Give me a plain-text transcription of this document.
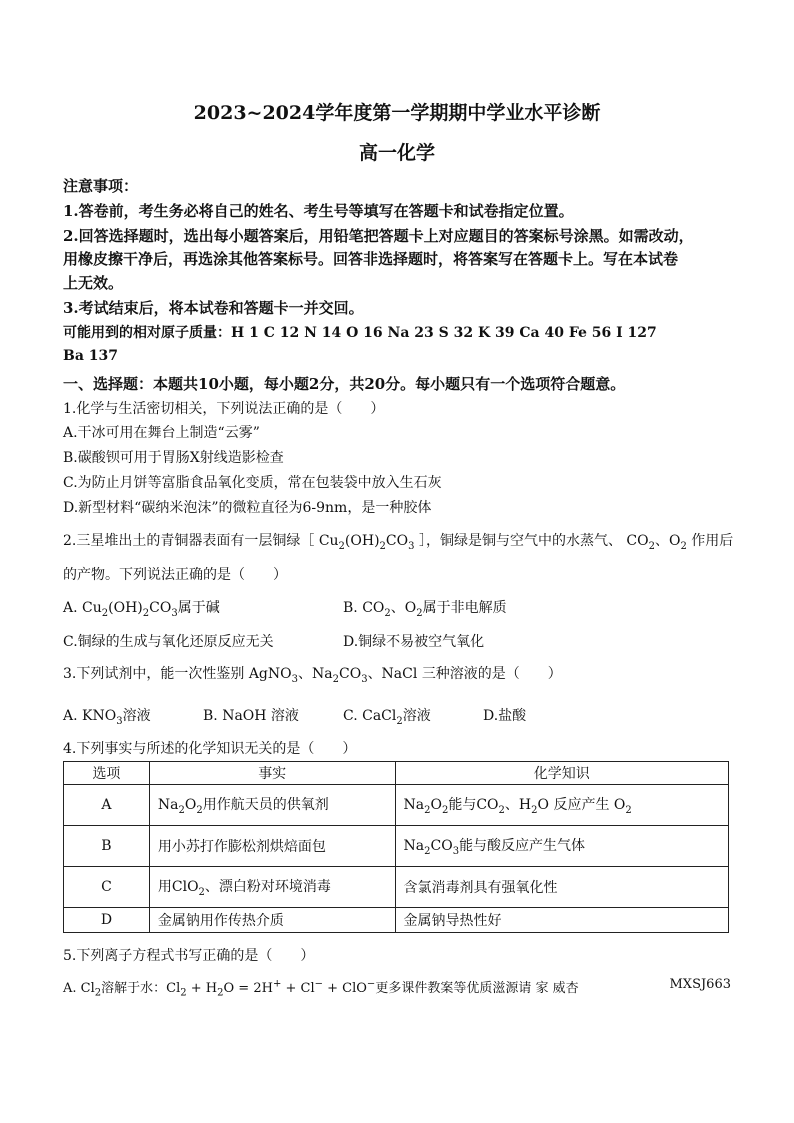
2023~2024学年度第一学期期中学业水平诊断
高一化学
注意事项：
1.答卷前，考生务必将自己的姓名、考生号等填写在答题卡和试卷指定位置。
2.回答选择题时，选出每小题答案后，用铅笔把答题卡上对应题目的答案标号涂黑。如需改动，
用橡皮擦干净后，再选涂其他答案标号。回答非选择题时，将答案写在答题卡上。写在本试卷
上无效。
3.考试结束后，将本试卷和答题卡一并交回。
可能用到的相对原子质量：H 1 C 12 N 14 O 16 Na 23 S 32 K 39 Ca 40 Fe 56 I 127
Ba 137
一、选择题：本题共10小题，每小题2分，共20分。每小题只有一个选项符合题意。
1.化学与生活密切相关，下列说法正确的是（　　）
A.干冰可用在舞台上制造“云雾”
B.碳酸钡可用于胃肠X射线造影检查
C.为防止月饼等富脂食品氧化变质，常在包装袋中放入生石灰
D.新型材料“碳纳米泡沫”的微粒直径为6-9nm，是一种胶体
2.三星堆出土的青铜器表面有一层铜绿［ $Cu_2(OH)_2CO_3$ ］，铜绿是铜与空气中的水蒸气、 $CO_2$、$O_2$ 作用后
的产物。下列说法正确的是（　　）
A. $Cu_2(OH)_2CO_3$属于碱	B. $CO_2$、$O_2$属于非电解质
C.铜绿的生成与氧化还原反应无关	D.铜绿不易被空气氧化
3.下列试剂中，能一次性鉴别 AgNO$_3$、$Na_2CO_3$、NaCl 三种溶液的是（　　）
A. $KNO_3$溶液	B. NaOH 溶液	C. CaCl$_2$溶液	D.盐酸
4.下列事实与所述的化学知识无关的是（　　）
选项	事实	化学知识
A	$Na_2O_2$用作航天员的供氧剂	$Na_2O_2$能与$CO_2$、$H_2O$ 反应产生 $O_2$
B	用小苏打作膨松剂烘焙面包	$Na_2CO_3$能与酸反应产生气体
C	用ClO$_2$、漂白粉对环境消毒	含氯消毒剂具有强氧化性
D	金属钠用作传热介质	金属钠导热性好
5.下列离子方程式书写正确的是（　　）
A. $Cl_2$溶解于水：$Cl_2 + H_2O = 2H^+ + Cl^- + ClO^-$更多课件教案等优质滋源请 家 威杏	MXSJ663
